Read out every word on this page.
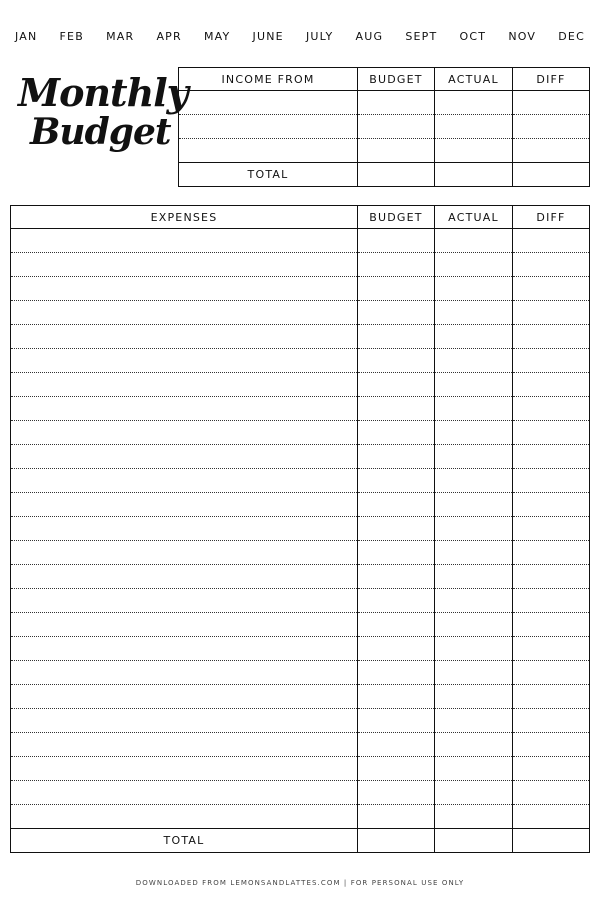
JAN FEB MAR APR MAY JUNE JULY AUG SEPT OCT NOV DEC
Monthly
Budget
INCOME FROM	BUDGET	ACTUAL	DIFF

TOTAL			
EXPENSES	BUDGET	ACTUAL	DIFF

TOTAL			
DOWNLOADED FROM LEMONSANDLATTES.COM | FOR PERSONAL USE ONLY
